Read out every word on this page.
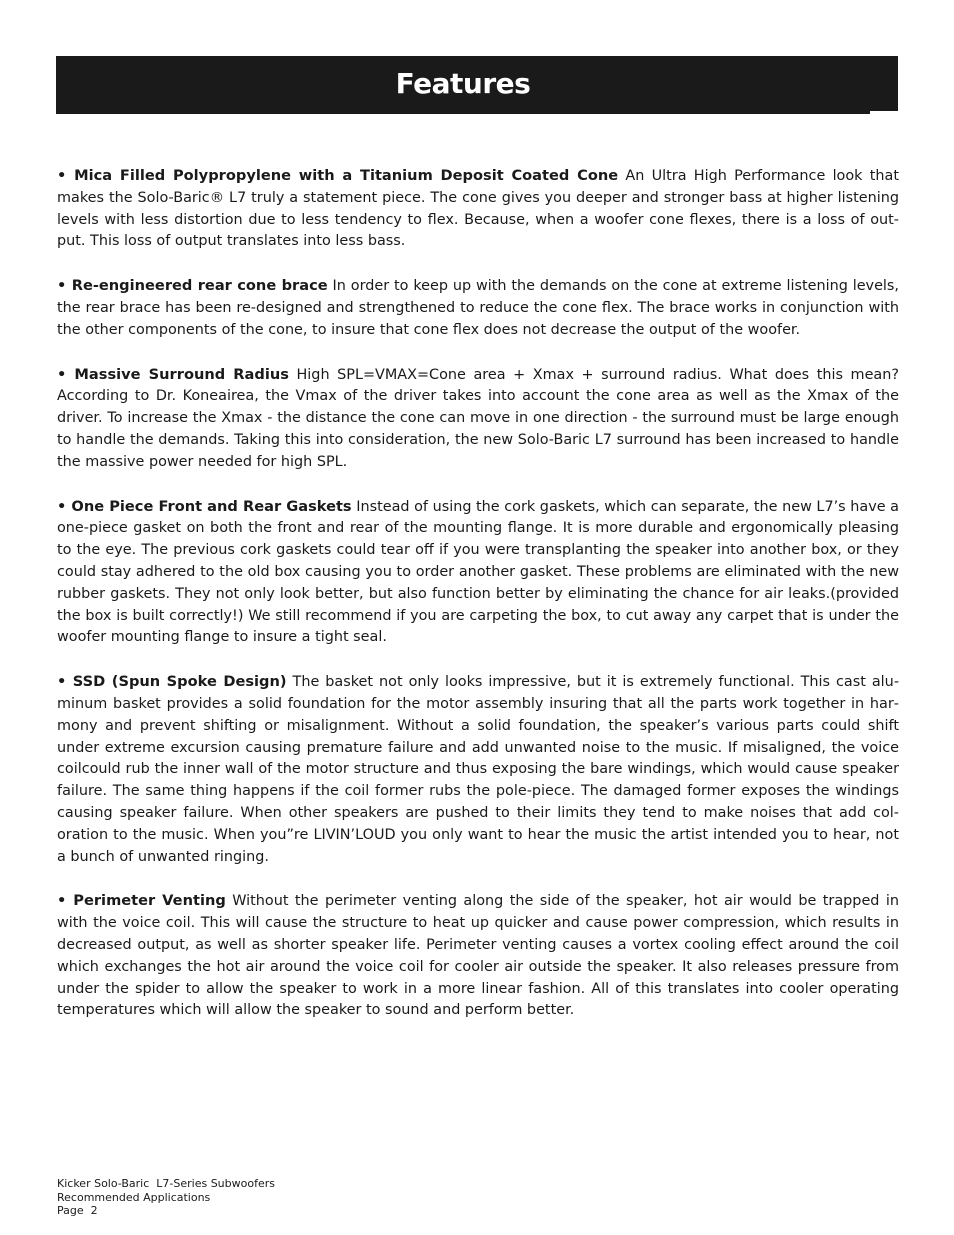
Features

• Mica Filled Polypropylene with a Titanium Deposit Coated Cone An Ultra High Performance look that makes the Solo-Baric® L7 truly a statement piece. The cone gives you deeper and stronger bass at higher listening levels with less distortion due to less tendency to flex. Because, when a woofer cone flexes, there is a loss of output. This loss of output translates into less bass.

• Re-engineered rear cone brace In order to keep up with the demands on the cone at extreme listening levels, the rear brace has been re-designed and strengthened to reduce the cone flex. The brace works in conjunction with the other components of the cone, to insure that cone flex does not decrease the output of the woofer.

• Massive Surround Radius High SPL=VMAX=Cone area + Xmax + surround radius. What does this mean? According to Dr. Koneairea, the Vmax of the driver takes into account the cone area as well as the Xmax of the driver. To increase the Xmax - the distance the cone can move in one direction - the surround must be large enough to handle the demands. Taking this into consideration, the new Solo-Baric L7 surround has been increased to handle the massive power needed for high SPL.

• One Piece Front and Rear Gaskets Instead of using the cork gaskets, which can separate, the new L7’s have a one-piece gasket on both the front and rear of the mounting flange. It is more durable and ergonomically pleasing to the eye. The previous cork gaskets could tear off if you were transplanting the speaker into another box, or they could stay adhered to the old box causing you to order another gasket. These problems are eliminated with the new rubber gaskets. They not only look better, but also function better by eliminating the chance for air leaks.(provided the box is built correctly!) We still recommend if you are carpeting the box, to cut away any carpet that is under the woofer mounting flange to insure a tight seal.

• SSD (Spun Spoke Design) The basket not only looks impressive, but it is extremely functional. This cast aluminum basket provides a solid foundation for the motor assembly insuring that all the parts work together in harmony and prevent shifting or misalignment. Without a solid foundation, the speaker’s various parts could shift under extreme excursion causing premature failure and add unwanted noise to the music. If misaligned, the voice coilcould rub the inner wall of the motor structure and thus exposing the bare windings, which would cause speaker failure. The same thing happens if the coil former rubs the pole-piece. The damaged former exposes the windings causing speaker failure. When other speakers are pushed to their limits they tend to make noises that add coloration to the music. When you”re LIVIN’LOUD you only want to hear the music the artist intended you to hear, not a bunch of unwanted ringing.

• Perimeter Venting Without the perimeter venting along the side of the speaker, hot air would be trapped in with the voice coil. This will cause the structure to heat up quicker and cause power compression, which results in decreased output, as well as shorter speaker life. Perimeter venting causes a vortex cooling effect around the coil which exchanges the hot air around the voice coil for cooler air outside the speaker. It also releases pressure from under the spider to allow the speaker to work in a more linear fashion. All of this translates into cooler operating temperatures which will allow the speaker to sound and perform better.

Kicker Solo-Baric  L7-Series Subwoofers
Recommended Applications
Page  2
